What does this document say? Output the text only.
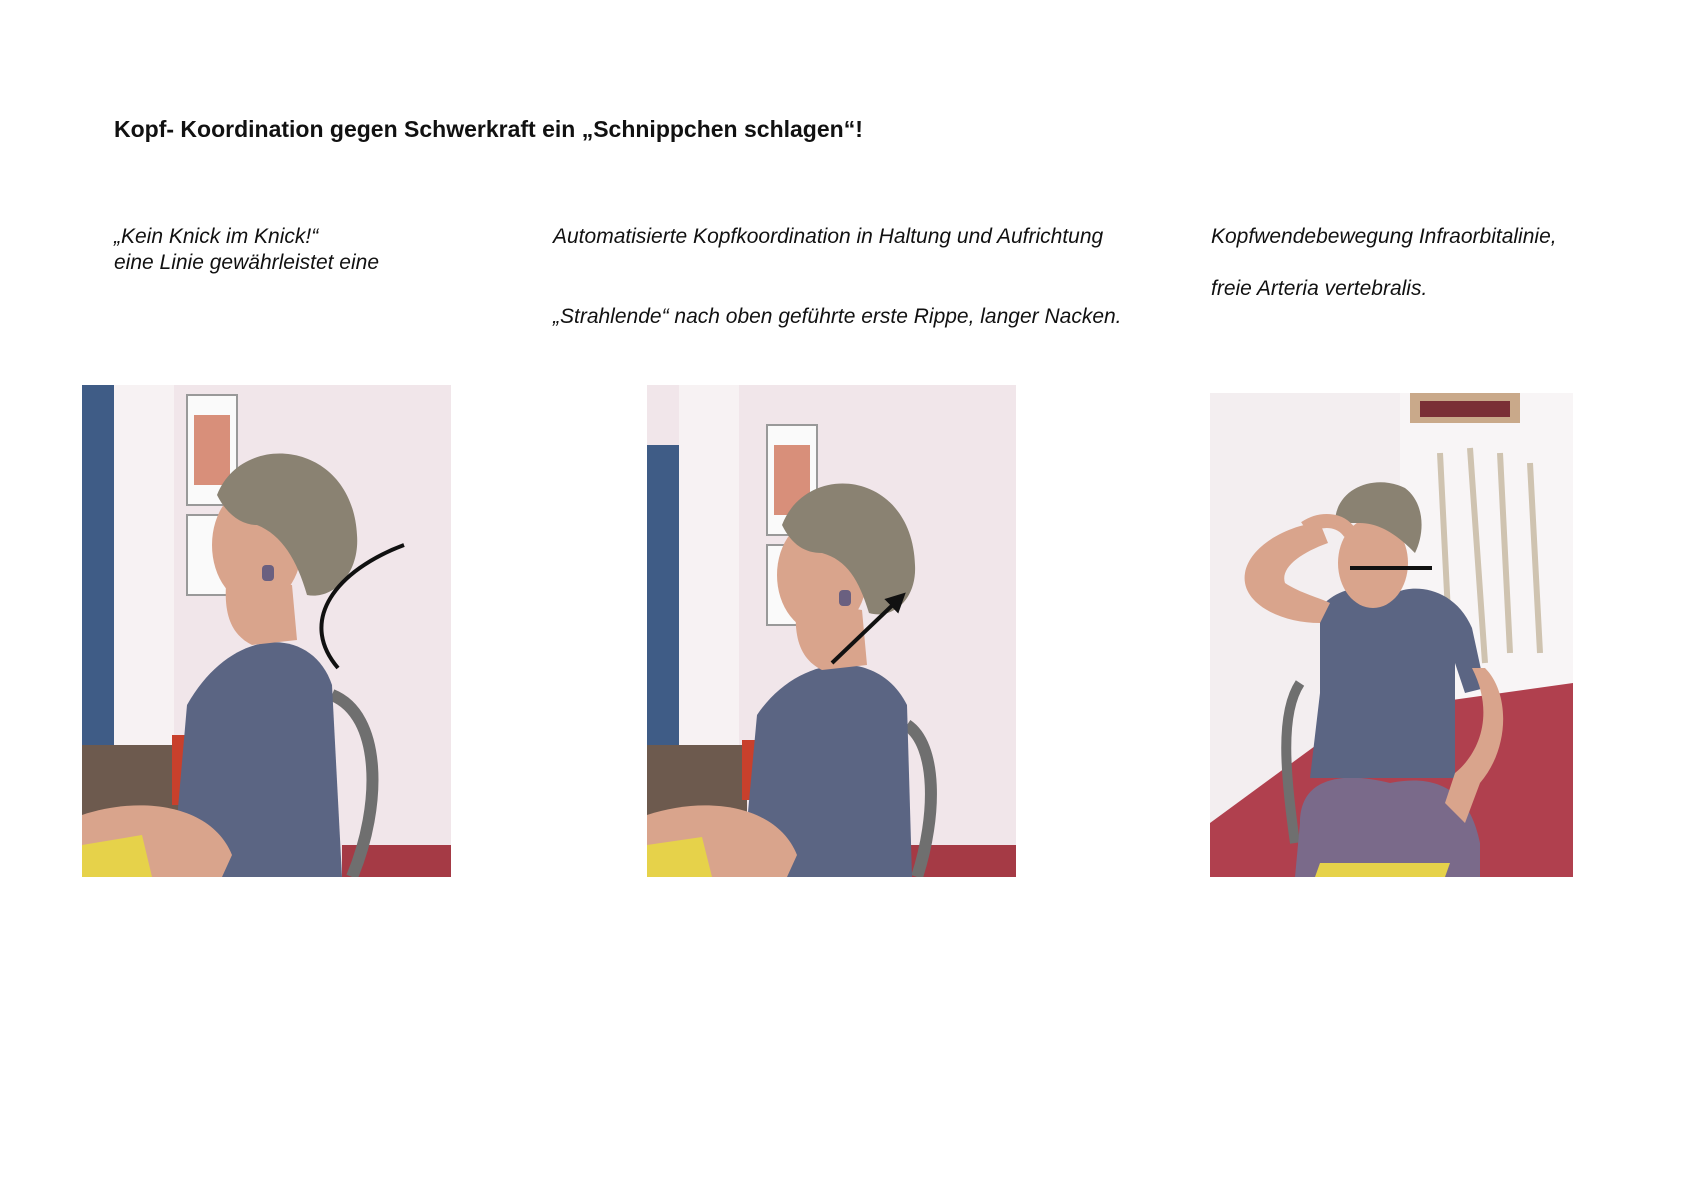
Kopf- Koordination gegen Schwerkraft ein „Schnippchen schlagen“!

„Kein Knick im Knick!“

eine Linie gewährleistet eine

Automatisierte Kopfkoordination in Haltung und Aufrichtung

„Strahlende“ nach oben geführte erste Rippe, langer Nacken.

Kopfwendebewegung Infraorbitalinie,

freie Arteria vertebralis.
